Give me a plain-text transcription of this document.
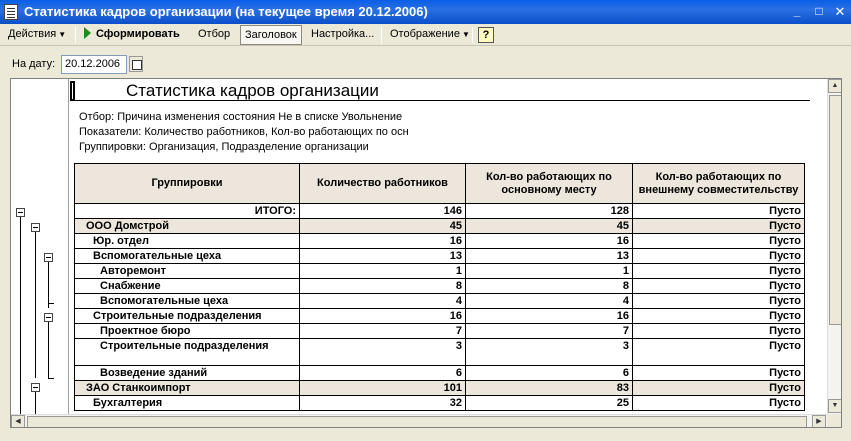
Статистика кадров организации (на текущее время 20.12.2006)	_	□ ✕
Действия ▼	Сформировать	Отбор	Заголовок	Настройка...	Отображение ▼	?
На дату: 20.12.2006
Статистика кадров организации
Отбор: Причина изменения состояния Не в списке Увольнение
Показатели: Количество работников, Кол-во работающих по осн
Группировки: Организация, Подразделение организации
Группировки	Количество работников	Кол-во работающих по основному месту	Кол-во работающих по внешнему совместительству
ИТОГО:	146	128	Пусто
ООО Домстрой	45	45	Пусто
Юр. отдел	16	16	Пусто
Вспомогательные цеха	13	13	Пусто
Авторемонт	1	1	Пусто
Снабжение	8	8	Пусто
Вспомогательные цеха	4	4	Пусто
Строительные подразделения	16	16	Пусто
Проектное бюро	7	7	Пусто
Строительные подразделения	3	3	Пусто
Возведение зданий	6	6	Пусто
ЗАО Станкоимпорт	101	83	Пусто
Бухгалтерия	32	25	Пусто
▲
▼
◀	▶
